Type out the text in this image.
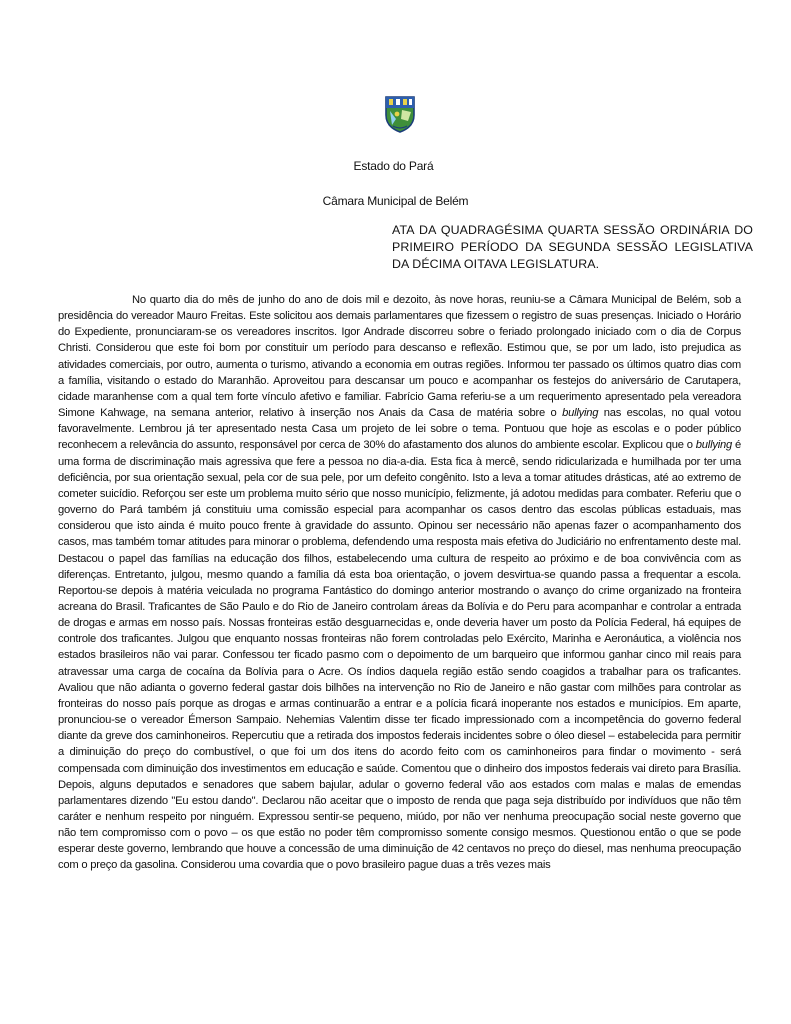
Estado do Pará
Câmara Municipal de Belém
ATA DA QUADRAGÉSIMA QUARTA SESSÃO ORDINÁRIA DO PRIMEIRO PERÍODO DA SEGUNDA SESSÃO LEGISLATIVA DA DÉCIMA OITAVA LEGISLATURA.

No quarto dia do mês de junho do ano de dois mil e dezoito, às nove horas, reuniu-se a Câmara Municipal de Belém, sob a presidência do vereador Mauro Freitas. Este solicitou aos demais parlamentares que fizessem o registro de suas presenças. Iniciado o Horário do Expediente, pronunciaram-se os vereadores inscritos. Igor Andrade discorreu sobre o feriado prolongado iniciado com o dia de Corpus Christi. Considerou que este foi bom por constituir um período para descanso e reflexão. Estimou que, se por um lado, isto prejudica as atividades comerciais, por outro, aumenta o turismo, ativando a economia em outras regiões. Informou ter passado os últimos quatro dias com a família, visitando o estado do Maranhão. Aproveitou para descansar um pouco e acompanhar os festejos do aniversário de Carutapera, cidade maranhense com a qual tem forte vínculo afetivo e familiar. Fabrício Gama referiu-se a um requerimento apresentado pela vereadora Simone Kahwage, na semana anterior, relativo à inserção nos Anais da Casa de matéria sobre o bullying nas escolas, no qual votou favoravelmente. Lembrou já ter apresentado nesta Casa um projeto de lei sobre o tema. Pontuou que hoje as escolas e o poder público reconhecem a relevância do assunto, responsável por cerca de 30% do afastamento dos alunos do ambiente escolar. Explicou que o bullying é uma forma de discriminação mais agressiva que fere a pessoa no dia-a-dia. Esta fica à mercê, sendo ridicularizada e humilhada por ter uma deficiência, por sua orientação sexual, pela cor de sua pele, por um defeito congênito. Isto a leva a tomar atitudes drásticas, até ao extremo de cometer suicídio. Reforçou ser este um problema muito sério que nosso município, felizmente, já adotou medidas para combater. Referiu que o governo do Pará também já constituiu uma comissão especial para acompanhar os casos dentro das escolas públicas estaduais, mas considerou que isto ainda é muito pouco frente à gravidade do assunto. Opinou ser necessário não apenas fazer o acompanhamento dos casos, mas também tomar atitudes para minorar o problema, defendendo uma resposta mais efetiva do Judiciário no enfrentamento deste mal. Destacou o papel das famílias na educação dos filhos, estabelecendo uma cultura de respeito ao próximo e de boa convivência com as diferenças. Entretanto, julgou, mesmo quando a família dá esta boa orientação, o jovem desvirtua-se quando passa a frequentar a escola. Reportou-se depois à matéria veiculada no programa Fantástico do domingo anterior mostrando o avanço do crime organizado na fronteira acreana do Brasil. Traficantes de São Paulo e do Rio de Janeiro controlam áreas da Bolívia e do Peru para acompanhar e controlar a entrada de drogas e armas em nosso país. Nossas fronteiras estão desguarnecidas e, onde deveria haver um posto da Polícia Federal, há equipes de controle dos traficantes. Julgou que enquanto nossas fronteiras não forem controladas pelo Exército, Marinha e Aeronáutica, a violência nos estados brasileiros não vai parar. Confessou ter ficado pasmo com o depoimento de um barqueiro que informou ganhar cinco mil reais para atravessar uma carga de cocaína da Bolívia para o Acre. Os índios daquela região estão sendo coagidos a trabalhar para os traficantes. Avaliou que não adianta o governo federal gastar dois bilhões na intervenção no Rio de Janeiro e não gastar com milhões para controlar as fronteiras do nosso país porque as drogas e armas continuarão a entrar e a polícia ficará inoperante nos estados e municípios. Em aparte, pronunciou-se o vereador Émerson Sampaio. Nehemias Valentim disse ter ficado impressionado com a incompetência do governo federal diante da greve dos caminhoneiros. Repercutiu que a retirada dos impostos federais incidentes sobre o óleo diesel – estabelecida para permitir a diminuição do preço do combustível, o que foi um dos itens do acordo feito com os caminhoneiros para findar o movimento - será compensada com diminuição dos investimentos em educação e saúde. Comentou que o dinheiro dos impostos federais vai direto para Brasília. Depois, alguns deputados e senadores que sabem bajular, adular o governo federal vão aos estados com malas e malas de emendas parlamentares dizendo "Eu estou dando". Declarou não aceitar que o imposto de renda que paga seja distribuído por indivíduos que não têm caráter e nenhum respeito por ninguém. Expressou sentir-se pequeno, miúdo, por não ver nenhuma preocupação social neste governo que não tem compromisso com o povo – os que estão no poder têm compromisso somente consigo mesmos. Questionou então o que se pode esperar deste governo, lembrando que houve a concessão de uma diminuição de 42 centavos no preço do diesel, mas nenhuma preocupação com o preço da gasolina. Considerou uma covardia que o povo brasileiro pague duas a três vezes mais
